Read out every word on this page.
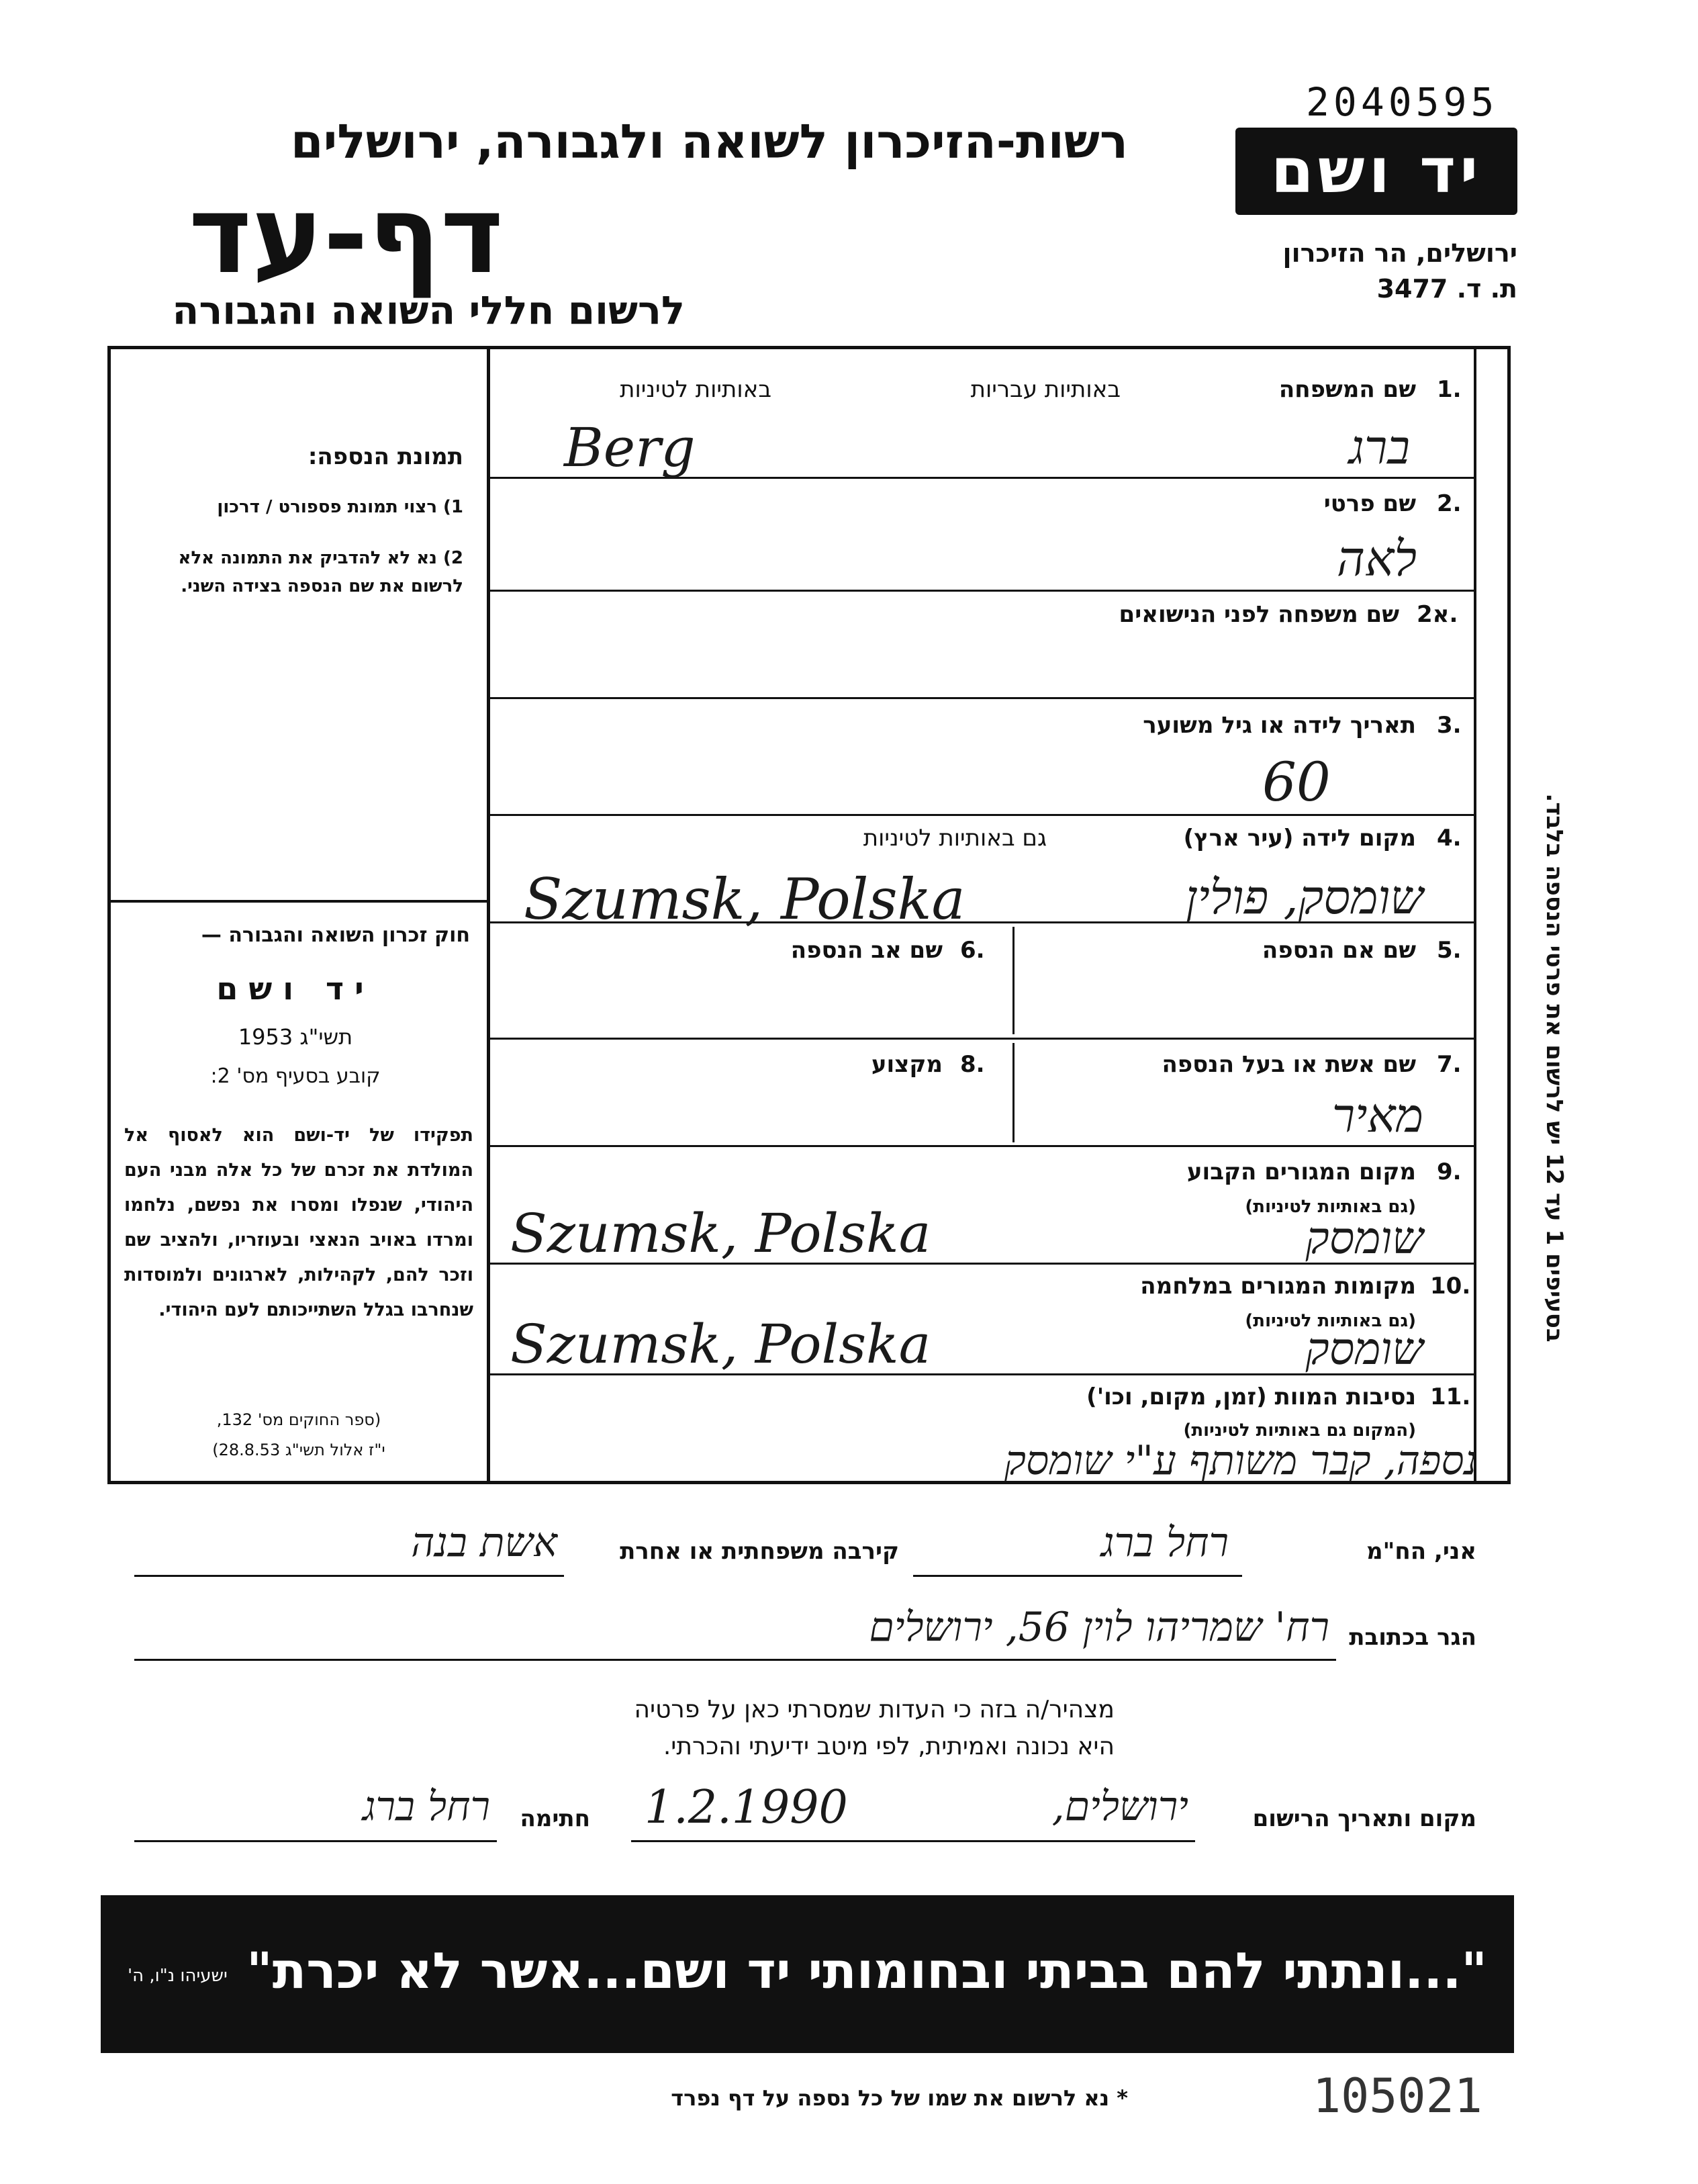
2040595
רשות-הזיכרון לשואה ולגבורה, ירושלים
דף-עד
לרשום חללי השואה והגבורה
יד ושם
ירושלים, הר הזיכרון
ת. ד. 3477
תמונת הנספה:
1) רצוי תמונת פספורט / דרכון
2) נא לא להדביק את התמונה אלא לרשום את שם הנספה בצידה השני.
חוק זכרון השואה והגבורה —
יד ושם
1953 תשי"ג
קובע בסעיף מס' 2:
תפקידו של יד-ושם הוא לאסוף אל המולדת את זכרם של כל אלה מבני העם היהודי, שנפלו ומסרו את נפשם, נלחמו ומרדו באויב הנאצי ובעוזריו, ולהציב שם וזכר להם, לקהילות, לארגונים ולמוסדות שנחרבו בגלל השתייכותם לעם היהודי.
(ספר החוקים מס' 132,
י"ז אלול תשי"ג 28.8.53)
1.
שם המשפחה
באותיות עבריות
באותיות לטיניות
Berg	ברג
2.
שם פרטי
לאה
2א.
שם משפחה לפני הנישואים
3.
תאריך לידה או גיל משוער
60
4.
מקום לידה (עיר ארץ)
גם באותיות לטיניות
Szumsk, Polska	שומסק, פולין
5.
שם אם הנספה
6.
שם אב הנספה
7.
שם אשת או בעל הנספה
מאיר
8.
מקצוע
9.
מקום המגורים הקבוע
(גם באותיות לטיניות)
Szumsk, Polska	שומסק
10.
מקומות המגורים במלחמה
(גם באותיות לטיניות)
Szumsk, Polska	שומסק
11.
נסיבות המוות (זמן, מקום, וכו')
(המקום גם באותיות לטיניות)
נספה, קבר משותף ע"י שומסק
בסעיפים 1 עד 12 יש לרשום את פרטי הנספה בלבד.
אני, הח"מ
רחל ברג
קירבה משפחתית או אחרת
אשת בנה
הגר בכתובת
רח' שמריהו לוין 56, ירושלים
מצהיר/ה בזה כי העדות שמסרתי כאן על פרטיה
היא נכונה ואמיתית, לפי מיטב ידיעתי והכרתי.
מקום ותאריך הרישום
ירושלים,
1.2.1990
חתימה
רחל ברג
"...ונתתי להם בביתי ובחומותי יד ושם...אשר לא יכרת"
ישעיהו נ"ו, ה'
* נא לרשום את שמו של כל נספה על דף נפרד	105021
